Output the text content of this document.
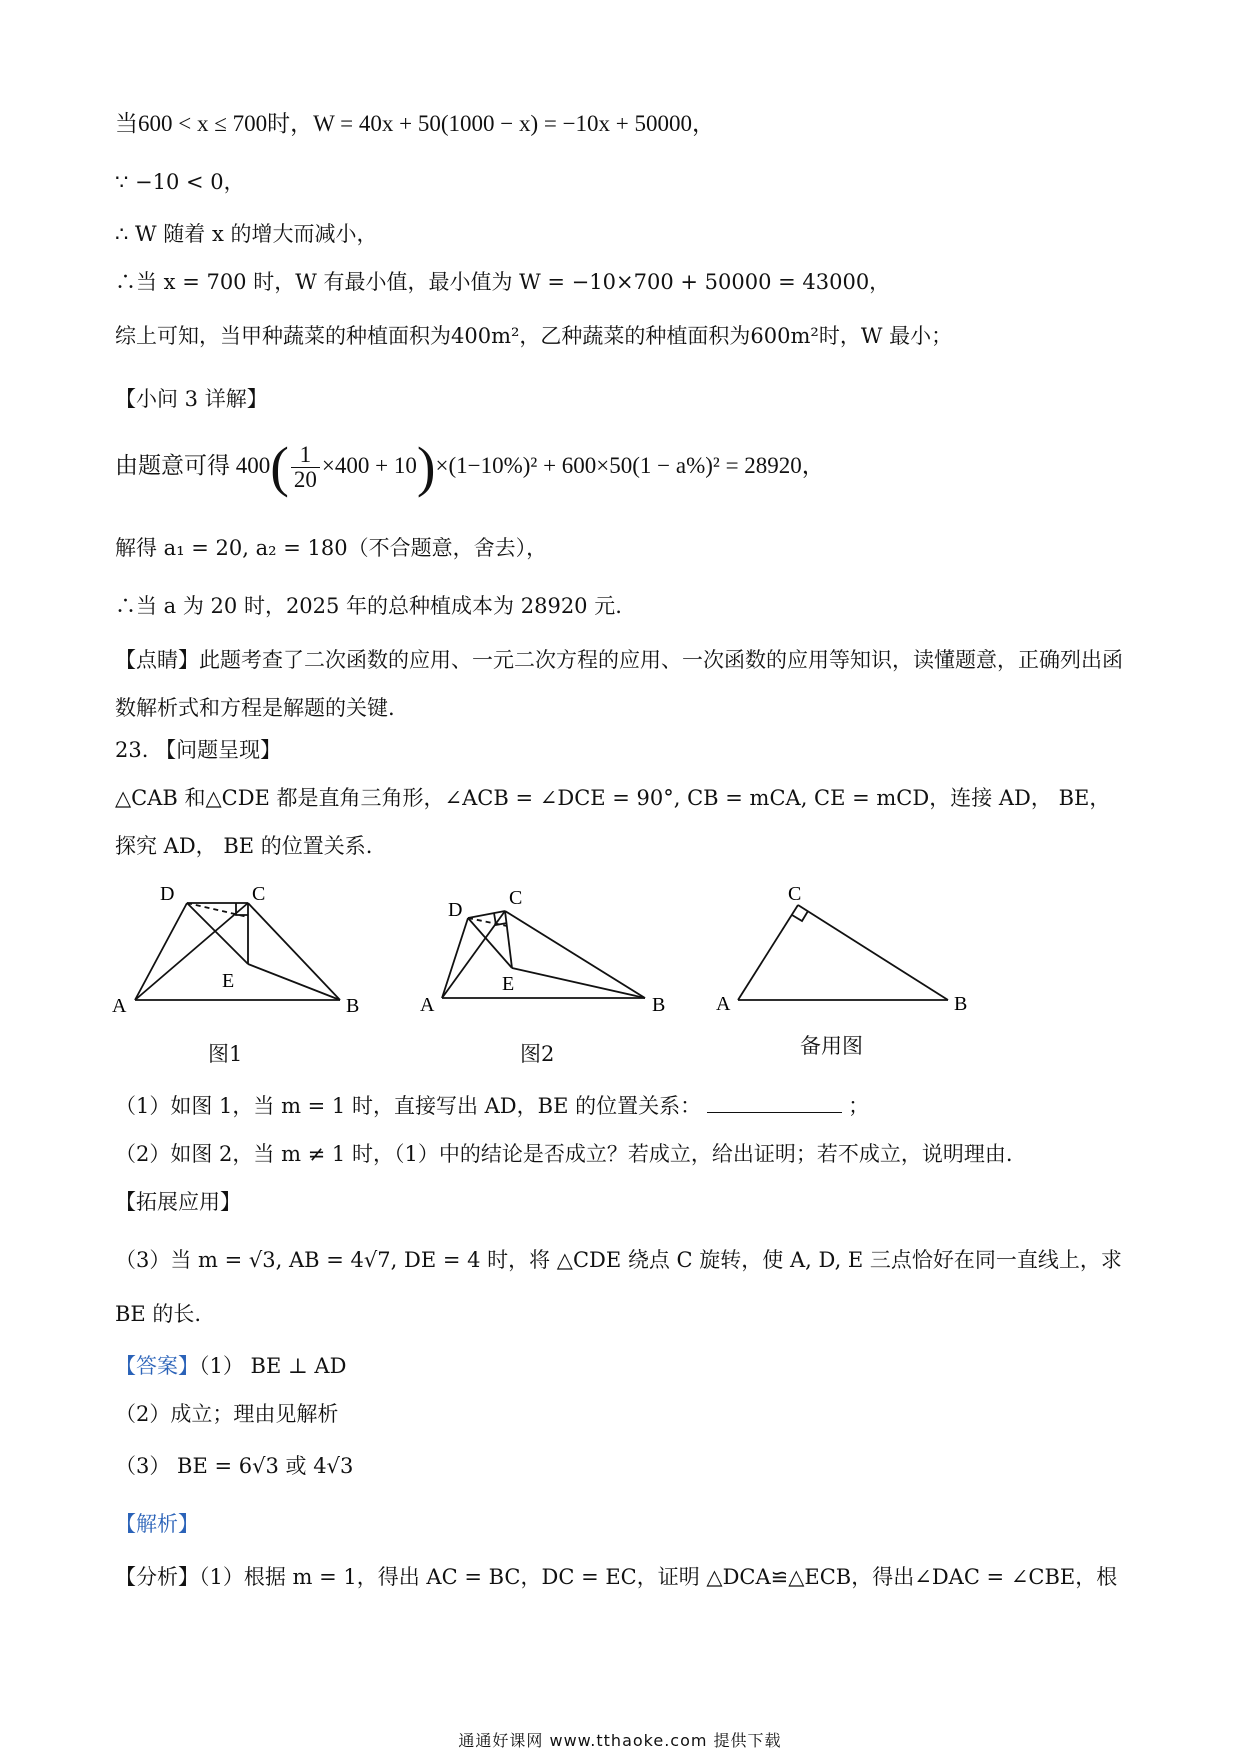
当600 < x ≤ 700时，W = 40x + 50(1000 − x) = −10x + 50000，
∵ −10 < 0，
∴ W 随着 x 的增大而减小，
∴当 x = 700 时，W 有最小值，最小值为 W = −10×700 + 50000 = 43000，
综上可知，当甲种蔬菜的种植面积为400m²，乙种蔬菜的种植面积为600m²时，W 最小；
【小问 3 详解】
由题意可得 $400( \frac{1}{20} \times 400 + 10)\times(1-10\%)^2 + 600\times 50(1 - a\%)^2 = 28920$，
解得 a₁ = 20, a₂ = 180（不合题意，舍去），
∴当 a 为 20 时，2025 年的总种植成本为 28920 元.
【点睛】此题考查了二次函数的应用、一元二次方程的应用、一次函数的应用等知识，读懂题意，正确列出函数解析式和方程是解题的关键.
23. 【问题呈现】
△CAB 和△CDE 都是直角三角形，∠ACB = ∠DCE = 90°, CB = mCA, CE = mCD，连接 AD， BE，
探究 AD， BE 的位置关系.
D	C
E
A	B
图1
D
C
E
A	B
图2
C
A	B
备用图
（1）如图 1，当 m = 1 时，直接写出 AD，BE 的位置关系：	；
（2）如图 2，当 m ≠ 1 时，（1）中的结论是否成立？若成立，给出证明；若不成立，说明理由.
【拓展应用】
（3）当 m = √3, AB = 4√7, DE = 4 时，将 △CDE 绕点 C 旋转，使 A, D, E 三点恰好在同一直线上，求
BE 的长.
【答案】（1） BE ⊥ AD
（2）成立；理由见解析
（3） BE = 6√3 或 4√3
【解析】
【分析】（1）根据 m = 1，得出 AC = BC，DC = EC，证明 △DCA≌△ECB，得出∠DAC = ∠CBE，根
通通好课网 www.tthaoke.com 提供下载
